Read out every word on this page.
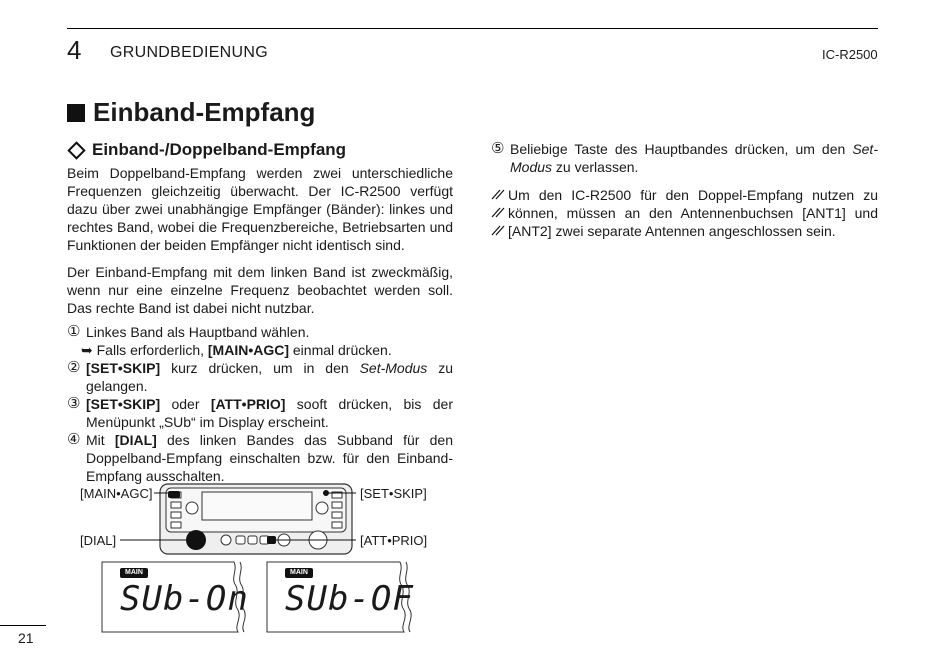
4 GRUNDBEDIENUNG	IC-R2500
Einband-Empfang
Einband-/Doppelband-Empfang

Beim Doppelband-Empfang werden zwei unterschiedliche Frequenzen gleichzeitig überwacht. Der IC-R2500 verfügt dazu über zwei unabhängige Empfänger (Bänder): linkes und rechtes Band, wobei die Frequenzbereiche, Betriebsarten und Funktionen der beiden Empfänger nicht identisch sind.

Der Einband-Empfang mit dem linken Band ist zweckmäßig, wenn nur eine einzelne Frequenz beobachtet werden soll. Das rechte Band ist dabei nicht nutzbar.

① Linkes Band als Hauptband wählen.
➥ Falls erforderlich, [MAIN•AGC] einmal drücken.
② [SET•SKIP] kurz drücken, um in den Set-Modus zu gelangen.
③ [SET•SKIP] oder [ATT•PRIO] sooft drücken, bis der Menüpunkt „SUb“ im Display erscheint.
④ Mit [DIAL] des linken Bandes das Subband für den Doppelband-Empfang einschalten bzw. für den Einband-Empfang ausschalten.
⑤ Beliebige Taste des Hauptbandes drücken, um den Set-Modus zu verlassen.
Um den IC-R2500 für den Doppel-Empfang nutzen zu können, müssen an den Antennenbuchsen [ANT1] und [ANT2] zwei separate Antennen angeschlossen sein.
[MAIN•AGC]
[DIAL]
[SET•SKIP]
[ATT•PRIO]
MAIN	MAIN
SUb-On SUb-OF
21
